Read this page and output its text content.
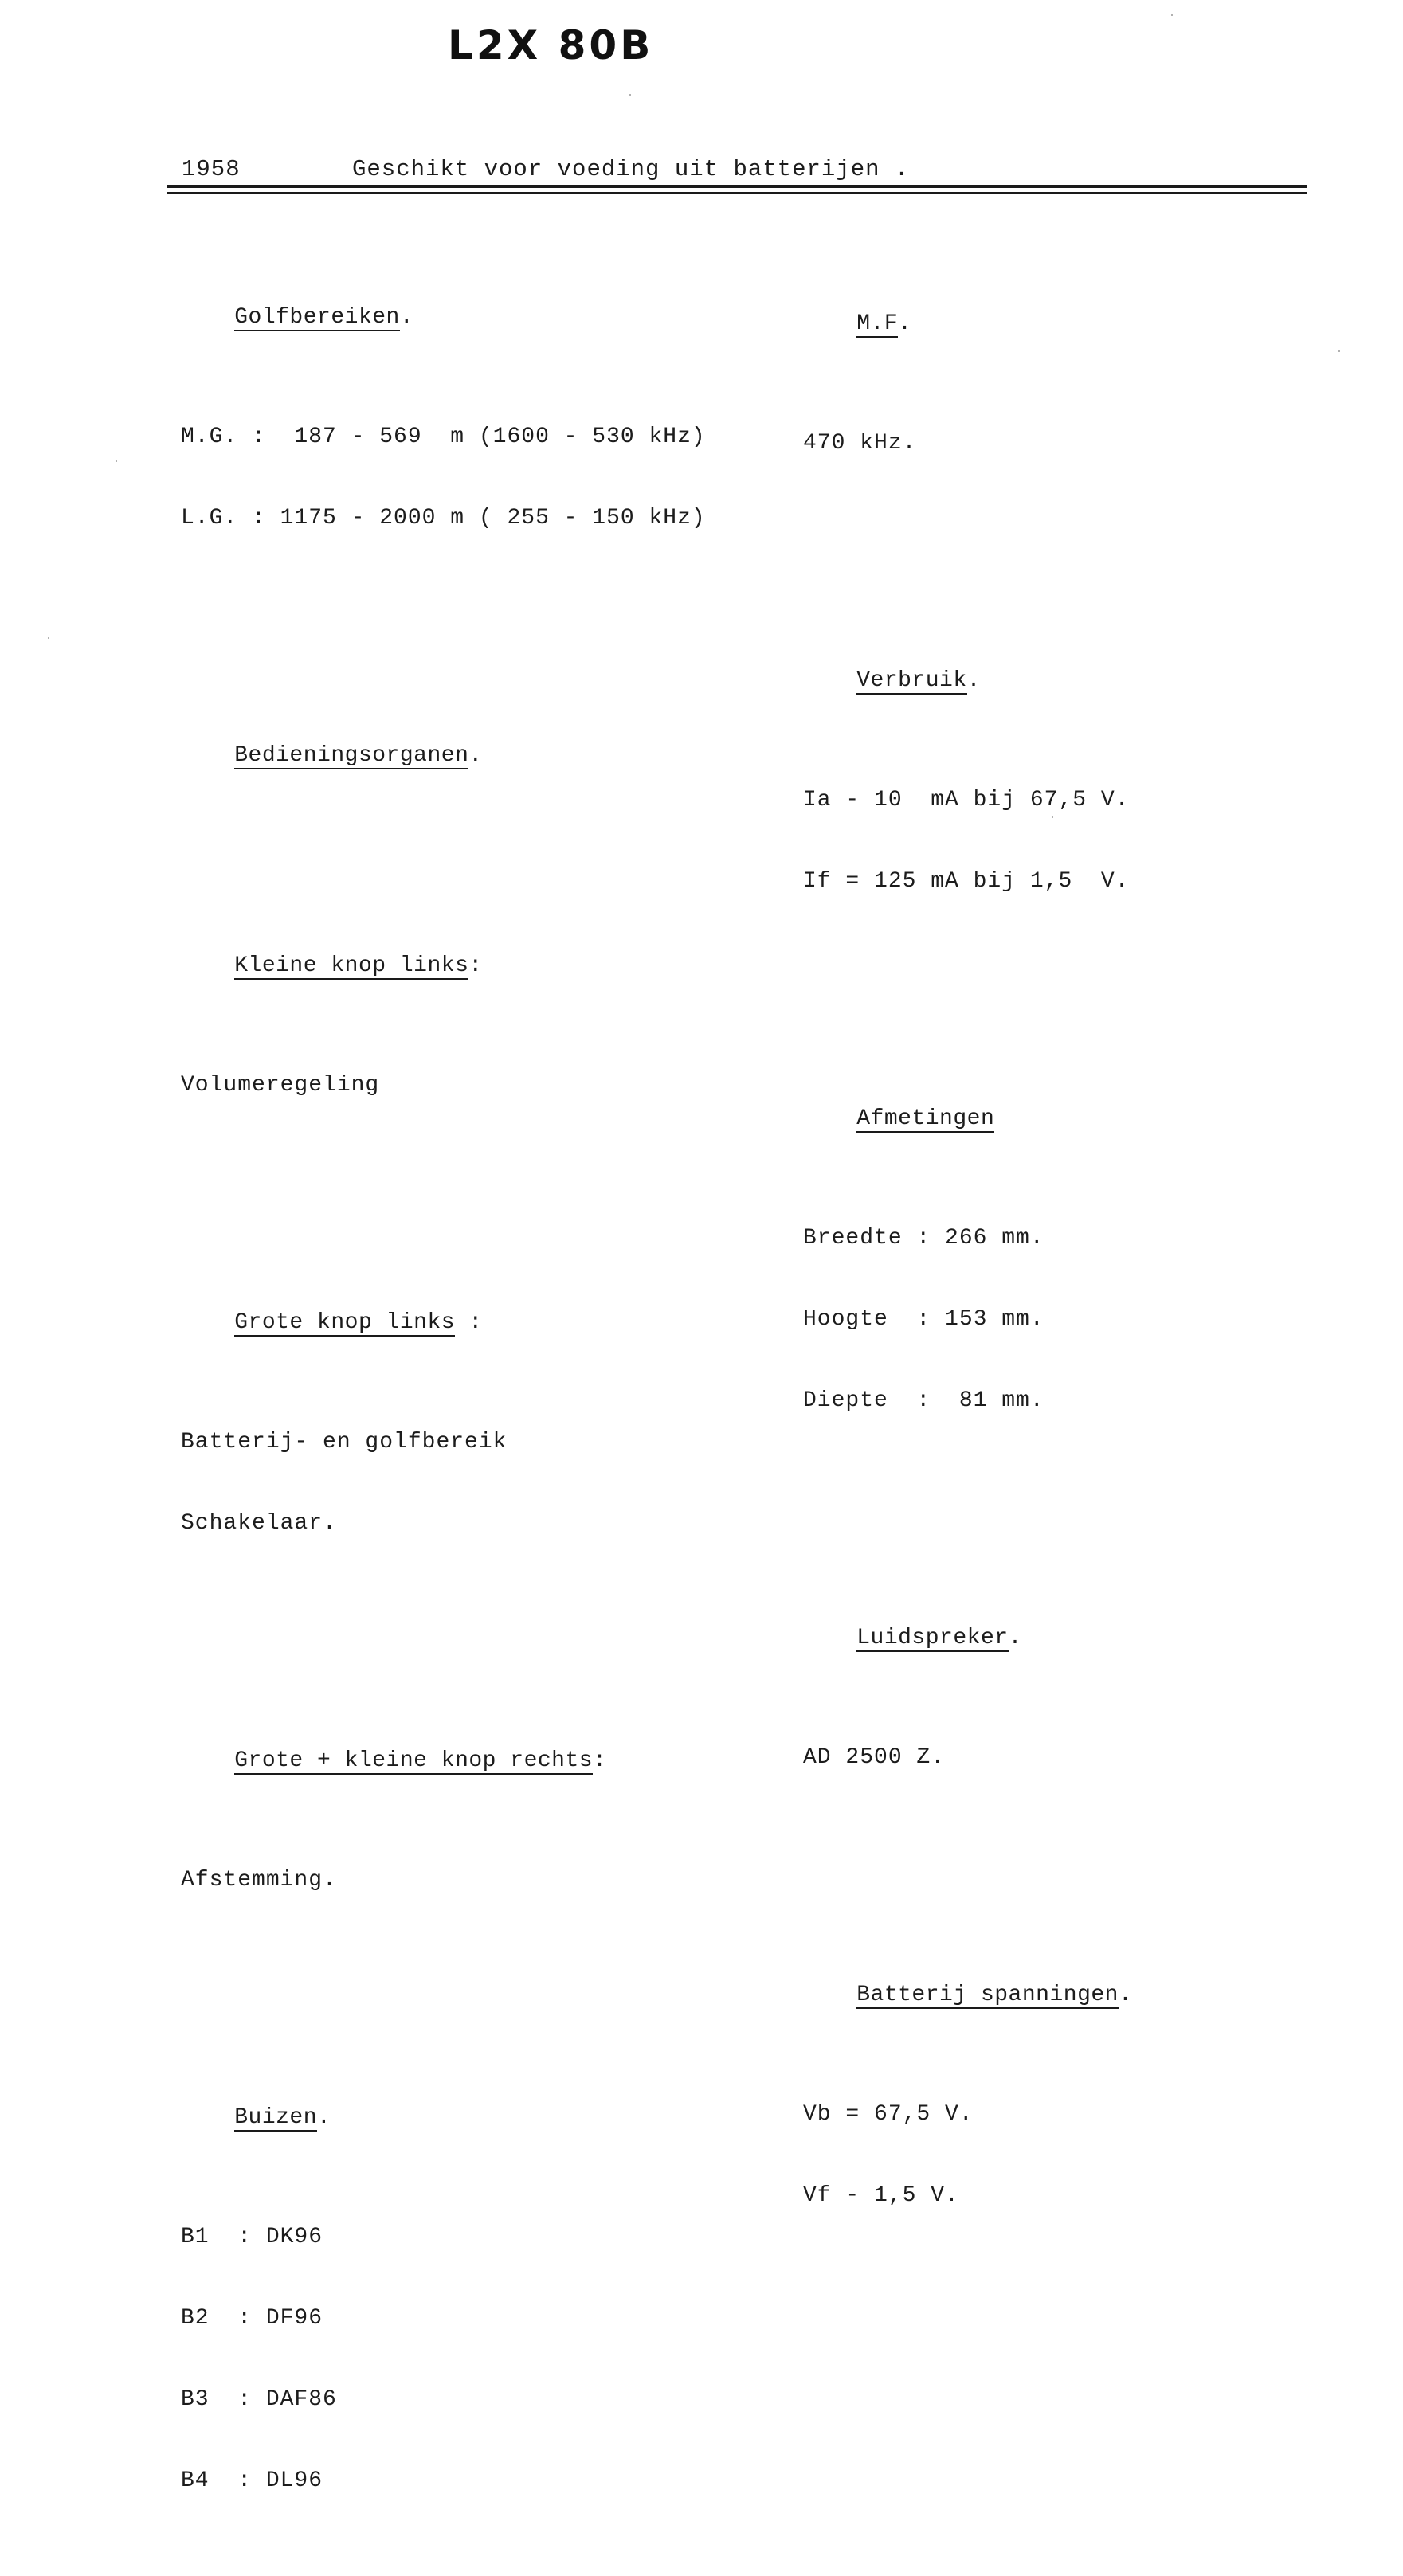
L2X 80B
1958	Geschikt voor voeding uit batterijen .

Golfbereiken.

M.G. :  187 - 569  m (1600 - 530 kHz)

L.G. : 1175 - 2000 m ( 255 - 150 kHz)

Bedieningsorganen.

Kleine knop links:

Volumeregeling

Grote knop links :

Batterij- en golfbereik

Schakelaar.

Grote + kleine knop rechts:

Afstemming.

Buizen.

B1  : DK96

B2  : DF96

B3  : DAF86

B4  : DL96

M.F.

470 kHz.

Verbruik.

Ia - 10  mA bij 67,5 V.

If = 125 mA bij 1,5  V.

Afmetingen

Breedte : 266 mm.

Hoogte  : 153 mm.

Diepte  :  81 mm.

Luidspreker.

AD 2500 Z.

Batterij spanningen.

Vb = 67,5 V.

Vf - 1,5 V.
